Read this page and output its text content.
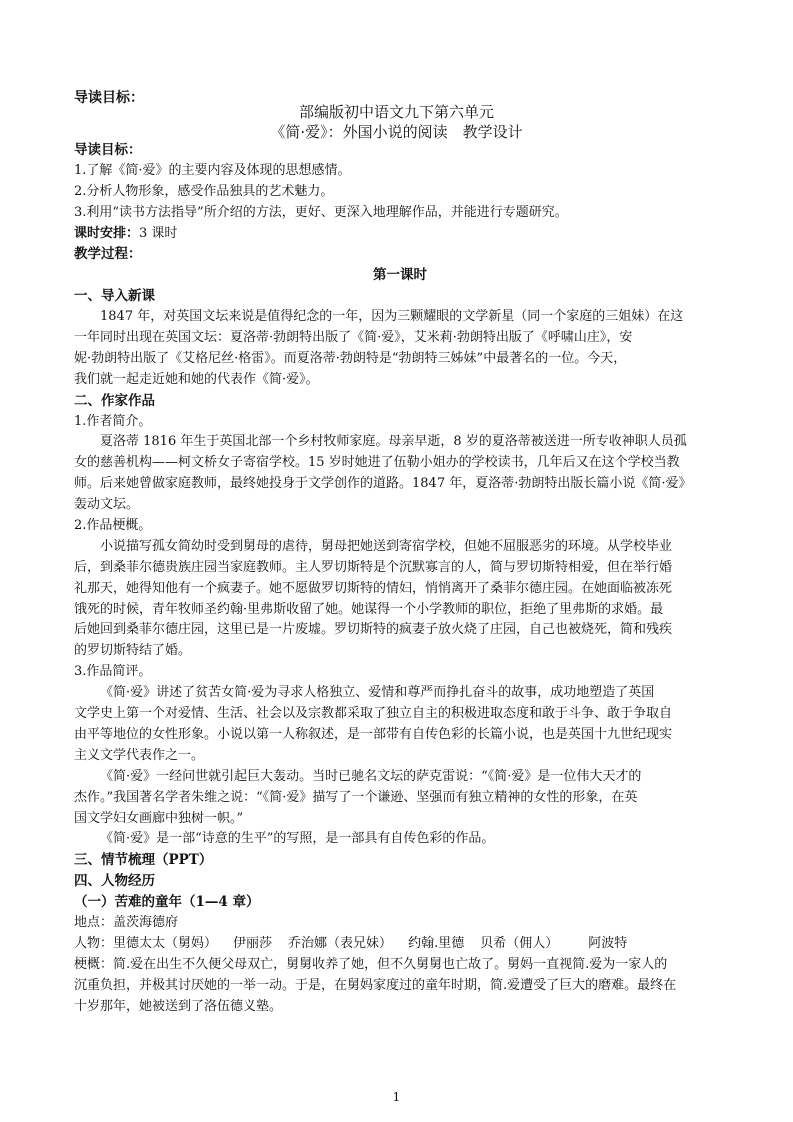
导读目标：
部编版初中语文九下第六单元
《简·爱》：外国小说的阅读　教学设计
导读目标：
1.了解《简·爱》的主要内容及体现的思想感情。
2.分析人物形象，感受作品独具的艺术魅力。
3.利用“读书方法指导”所介绍的方法，更好、更深入地理解作品，并能进行专题研究。
课时安排：3 课时
教学过程：
第一课时
一、导入新课
1847 年，对英国文坛来说是值得纪念的一年，因为三颗耀眼的文学新星（同一个家庭的三姐妹）在这
一年同时出现在英国文坛：夏洛蒂·勃朗特出版了《简·爱》，艾米莉·勃朗特出版了《呼啸山庄》，安
妮·勃朗特出版了《艾格尼丝·格雷》。而夏洛蒂·勃朗特是“勃朗特三姊妹”中最著名的一位。今天，
我们就一起走近她和她的代表作《简·爱》。
二、作家作品
1.作者简介。
夏洛蒂 1816 年生于英国北部一个乡村牧师家庭。母亲早逝，8 岁的夏洛蒂被送进一所专收神职人员孤
女的慈善机构——柯文桥女子寄宿学校。15 岁时她进了伍勒小姐办的学校读书，几年后又在这个学校当教
师。后来她曾做家庭教师，最终她投身于文学创作的道路。1847 年，夏洛蒂·勃朗特出版长篇小说《简·爱》
轰动文坛。
2.作品梗概。
小说描写孤女简幼时受到舅母的虐待，舅母把她送到寄宿学校，但她不屈服恶劣的环境。从学校毕业
后，到桑菲尔德贵族庄园当家庭教师。主人罗切斯特是个沉默寡言的人，简与罗切斯特相爱，但在举行婚
礼那天，她得知他有一个疯妻子。她不愿做罗切斯特的情妇，悄悄离开了桑菲尔德庄园。在她面临被冻死
饿死的时候，青年牧师圣约翰·里弗斯收留了她。她谋得一个小学教师的职位，拒绝了里弗斯的求婚。最
后她回到桑菲尔德庄园，这里已是一片废墟。罗切斯特的疯妻子放火烧了庄园，自己也被烧死，简和残疾
的罗切斯特结了婚。
3.作品简评。
《简·爱》讲述了贫苦女简·爱为寻求人格独立、爱情和尊严而挣扎奋斗的故事，成功地塑造了英国
文学史上第一个对爱情、生活、社会以及宗教都采取了独立自主的积极进取态度和敢于斗争、敢于争取自
由平等地位的女性形象。小说以第一人称叙述，是一部带有自传色彩的长篇小说，也是英国十九世纪现实
主义文学代表作之一。
《简·爱》一经问世就引起巨大轰动。当时已驰名文坛的萨克雷说：“《简·爱》是一位伟大天才的
杰作。”我国著名学者朱维之说：“《简·爱》描写了一个谦逊、坚强而有独立精神的女性的形象，在英
国文学妇女画廊中独树一帜。”
《简·爱》是一部“诗意的生平”的写照，是一部具有自传色彩的作品。
三、情节梳理（PPT）
四、人物经历
（一）苦难的童年（1—4 章）
地点：盖茨海德府
人物：里德太太（舅妈） 伊丽莎 乔治娜（表兄妹） 约翰.里德 贝希（佣人） 阿波特
梗概：简.爱在出生不久便父母双亡，舅舅收养了她，但不久舅舅也亡故了。舅妈一直视简.爱为一家人的
沉重负担，并极其讨厌她的一举一动。于是，在舅妈家度过的童年时期，简.爱遭受了巨大的磨难。最终在
十岁那年，她被送到了洛伍德义塾。
1
